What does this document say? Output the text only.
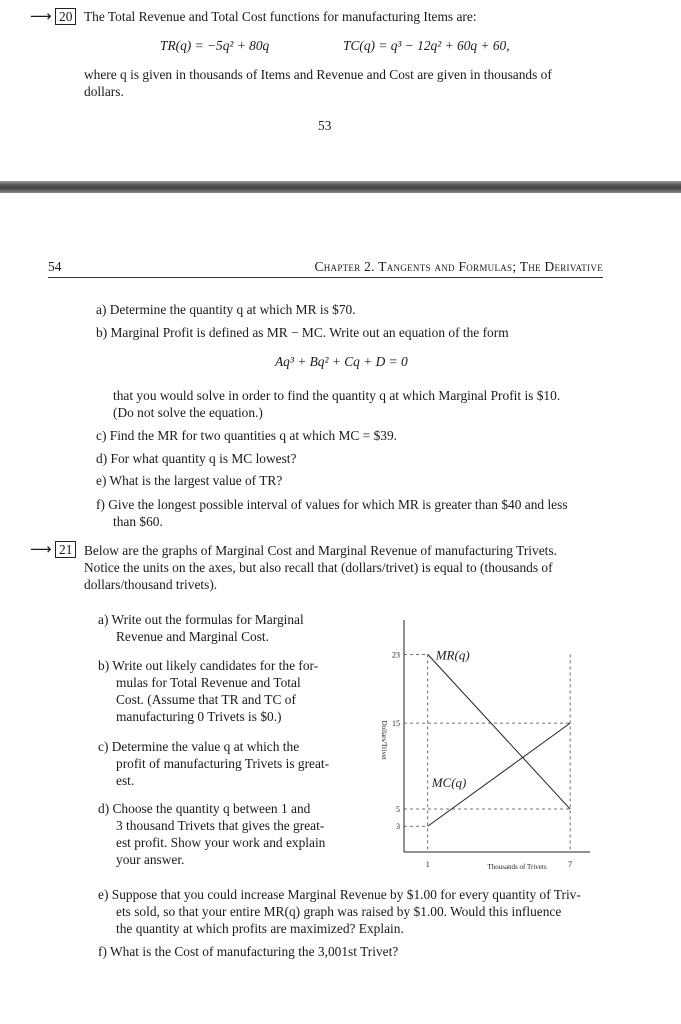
⟶ 20 The Total Revenue and Total Cost functions for manufacturing Items are:
TR(q) = −5q² + 80q	TC(q) = q³ − 12q² + 60q + 60,
where q is given in thousands of Items and Revenue and Cost are given in thousands of
dollars.
53
54	Chapter 2. Tangents and Formulas; The Derivative
a) Determine the quantity q at which MR is $70.
b) Marginal Profit is defined as MR − MC. Write out an equation of the form
Aq³ + Bq² + Cq + D = 0
that you would solve in order to find the quantity q at which Marginal Profit is $10.
(Do not solve the equation.)
c) Find the MR for two quantities q at which MC = $39.
d) For what quantity q is MC lowest?
e) What is the largest value of TR?
f) Give the longest possible interval of values for which MR is greater than $40 and less
than $60.
⟶ 21 Below are the graphs of Marginal Cost and Marginal Revenue of manufacturing Trivets.
Notice the units on the axes, but also recall that (dollars/trivet) is equal to (thousands of
dollars/thousand trivets).
a) Write out the formulas for Marginal
Revenue and Marginal Cost.
b) Write out likely candidates for the for-
mulas for Total Revenue and Total
Cost. (Assume that TR and TC of
manufacturing 0 Trivets is $0.)
c) Determine the value q at which the
profit of manufacturing Trivets is great-
est.
d) Choose the quantity q between 1 and
3 thousand Trivets that gives the great-
est profit. Show your work and explain
your answer.
23
15
5
3
1	7
MR(q)
MC(q)
Thousands of Trivets
Dollars/Trivet
e) Suppose that you could increase Marginal Revenue by $1.00 for every quantity of Triv-
ets sold, so that your entire MR(q) graph was raised by $1.00. Would this influence
the quantity at which profits are maximized? Explain.
f) What is the Cost of manufacturing the 3,001st Trivet?
